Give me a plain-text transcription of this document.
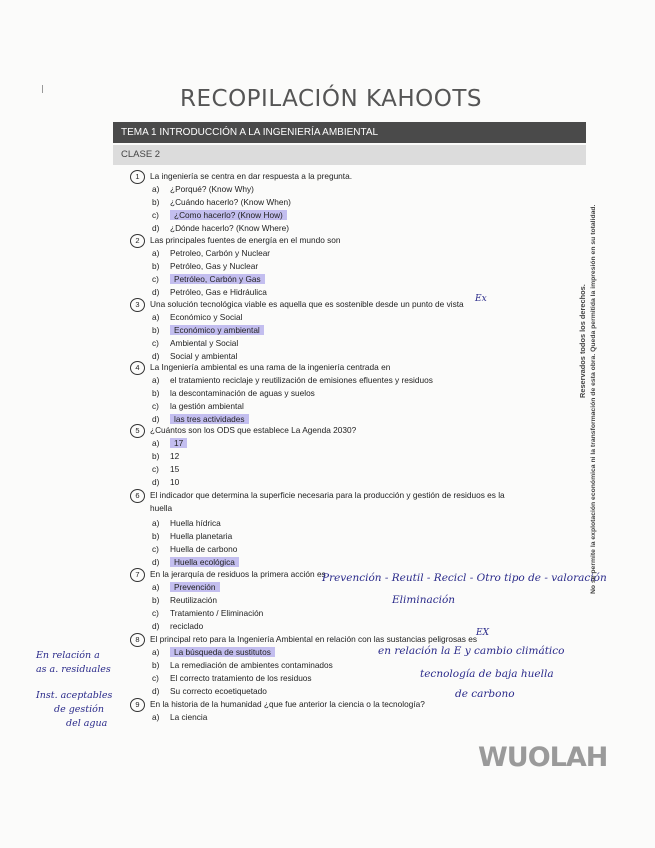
RECOPILACIÓN KAHOOTS
TEMA 1 INTRODUCCIÓN A LA INGENIERÍA AMBIENTAL
CLASE 2
1	La ingeniería se centra en dar respuesta a la pregunta.
a) ¿Porqué? (Know Why)
b) ¿Cuándo hacerlo? (Know When)
c) ¿Como hacerlo? (Know How)
d) ¿Dónde hacerlo? (Know Where)
2	Las principales fuentes de energía en el mundo son
a) Petroleo, Carbón y Nuclear
b) Petróleo, Gas y Nuclear
c) Petróleo, Carbón y Gas
d) Petróleo, Gas e Hidráulica
3	Una solución tecnológica viable es aquella que es sostenible desde un punto de vista Ex
a) Económico y Social
b) Económico y ambiental
c) Ambiental y Social
d) Social y ambiental
4	La Ingeniería ambiental es una rama de la ingeniería centrada en
a) el tratamiento reciclaje y reutilización de emisiones efluentes y residuos
b) la descontaminación de aguas y suelos
c) la gestión ambiental
d) las tres actividades
5	¿Cuántos son los ODS que establece La Agenda 2030?
a) 17
b) 12
c) 15
d) 10
6	El indicador que determina la superficie necesaria para la producción y gestión de residuos es la
huella
a) Huella hídrica
b) Huella planetaria
c) Huella de carbono
d) Huella ecológica
7	En la jerarquía de residuos la primera acción es
a) Prevención
b) Reutilización
c) Tratamiento / Eliminación
d) reciclado
8	El principal reto para la Ingeniería Ambiental en relación con las sustancias peligrosas es
EX
a) La búsqueda de sustitutos
b) La remediación de ambientes contaminados
c) El correcto tratamiento de los residuos
d) Su correcto ecoetiquetado
9	En la historia de la humanidad ¿que fue anterior la ciencia o la tecnología?
a) La ciencia
Prevención - Reutil - Recicl - Otro tipo de - valoración
Eliminación
en relación la E y cambio climático
tecnología de baja huella
de carbono
En relación a
as a. residuales
Inst. aceptables
de gestión
del agua
Reservados todos los derechos. No se permite la explotación económica ni la transformación de esta obra. Queda permitida la impresión en su totalidad.
WUOLAH
